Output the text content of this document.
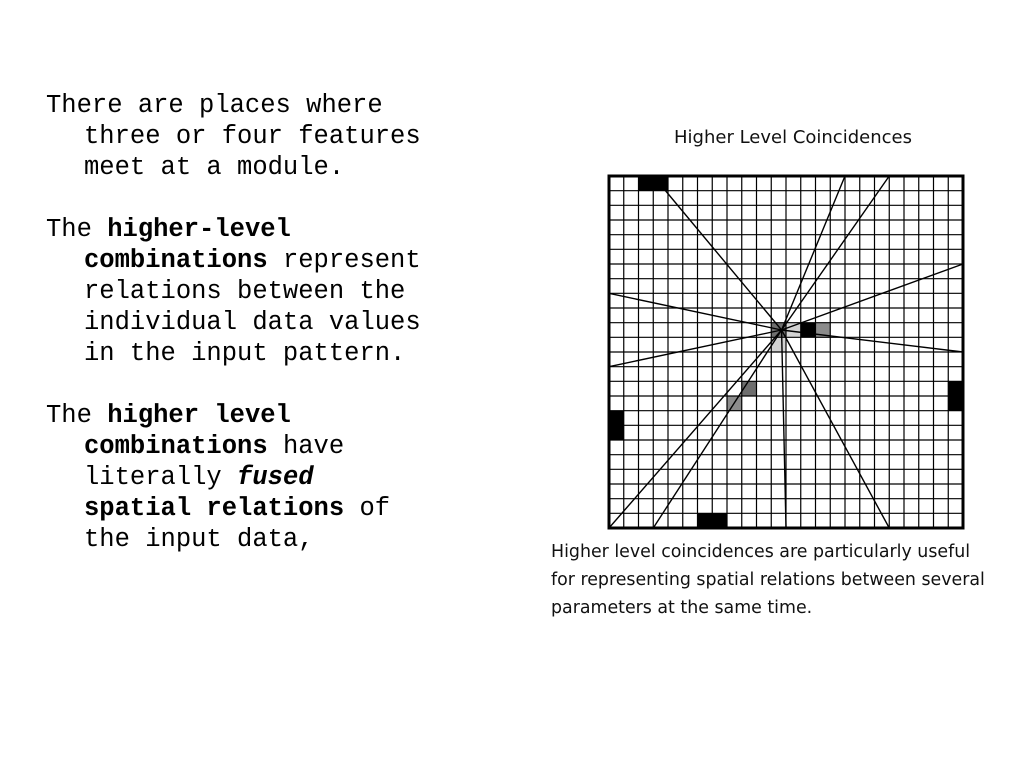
There are places where three or four features meet at a module.
The higher-level combinations represent relations between the individual data values in the input pattern.
The higher level combinations have literally fused spatial relations of the input data,
Higher Level Coincidences
Higher level coincidences are particularly useful
for representing spatial relations between several
parameters at the same time.
